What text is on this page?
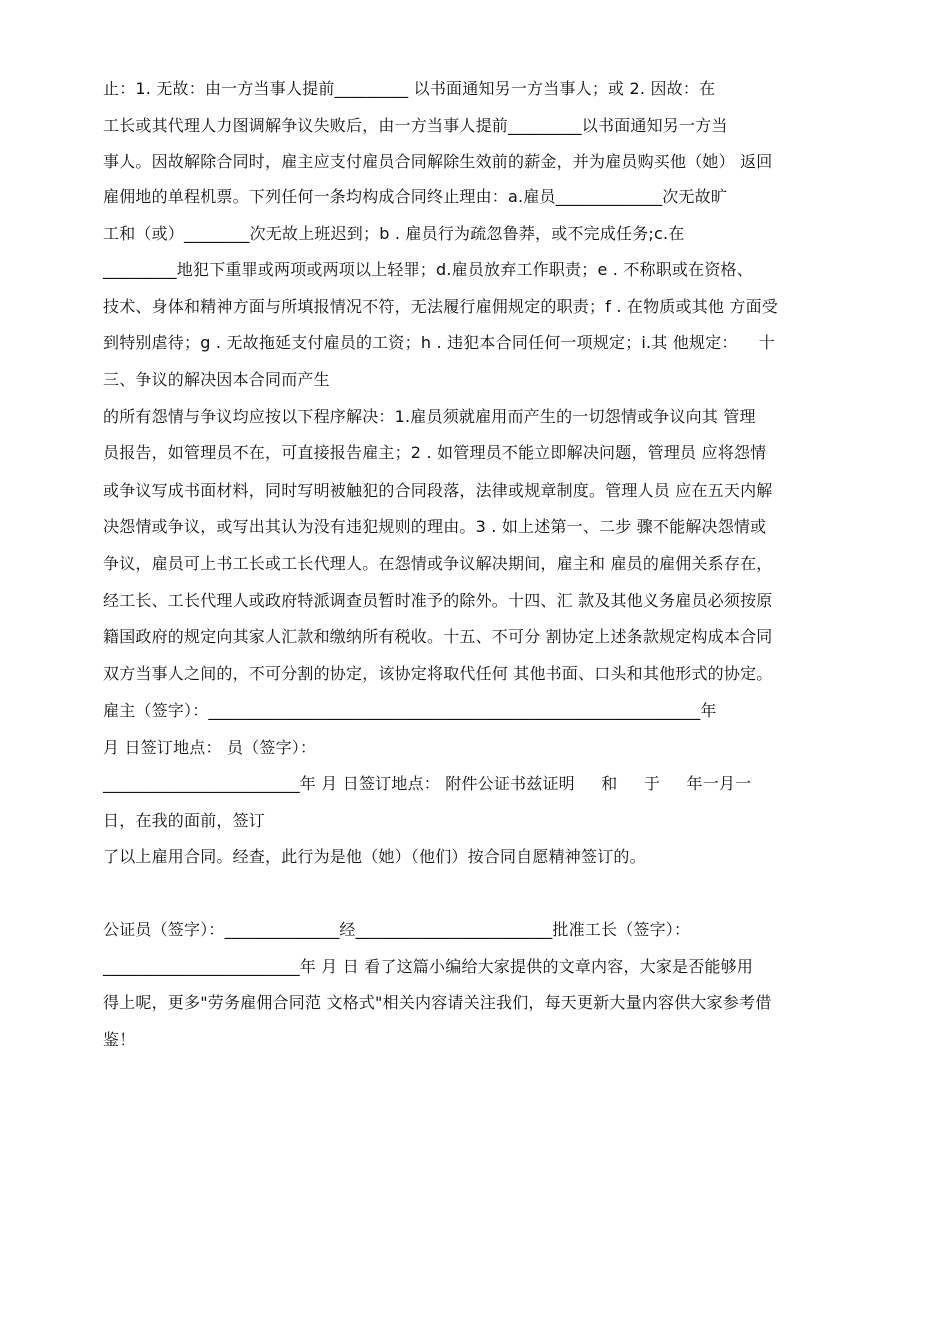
止：1. 无故：由一方当事人提前_________ 以书面通知另一方当事人；或 2. 因故：在
工长或其代理人力图调解争议失败后，由一方当事人提前_________以书面通知另一方当
事人。因故解除合同时，雇主应支付雇员合同解除生效前的薪金，并为雇员购买他（她） 返回
雇佣地的单程机票。下列任何一条均构成合同终止理由：a.雇员_____________次无故旷
工和（或）________次无故上班迟到；b . 雇员行为疏忽鲁莽，或不完成任务;c.在
_________地犯下重罪或两项或两项以上轻罪；d.雇员放弃工作职责；e . 不称职或在资格、
技术、身体和精神方面与所填报情况不符，无法履行雇佣规定的职责；f . 在物质或其他 方面受
到特别虐待；g . 无故拖延支付雇员的工资；h . 违犯本合同任何一项规定；i.其 他规定：    十
三、争议的解决因本合同而产生
的所有怨情与争议均应按以下程序解决：1.雇员须就雇用而产生的一切怨情或争议向其 管理
员报告，如管理员不在，可直接报告雇主；2 . 如管理员不能立即解决问题，管理员 应将怨情
或争议写成书面材料，同时写明被触犯的合同段落，法律或规章制度。管理人员 应在五天内解
决怨情或争议，或写出其认为没有违犯规则的理由。3 . 如上述第一、二步 骤不能解决怨情或
争议，雇员可上书工长或工长代理人。在怨情或争议解决期间，雇主和 雇员的雇佣关系存在，
经工长、工长代理人或政府特派调查员暂时准予的除外。十四、汇 款及其他义务雇员必须按原
籍国政府的规定向其家人汇款和缴纳所有税收。十五、不可分 割协定上述条款规定构成本合同
双方当事人之间的，不可分割的协定，该协定将取代任何 其他书面、口头和其他形式的协定。
雇主（签字）：____________________________________________________________年
月 日签订地点： 员（签字）：
________________________年 月 日签订地点： 附件公证书兹证明     和     于     年一月一
日，在我的面前，签订
了以上雇用合同。经查，此行为是他（她）（他们）按合同自愿精神签订的。
公证员（签字）：______________经________________________批准工长（签字）：
________________________年 月 日 看了这篇小编给大家提供的文章内容，大家是否能够用
得上呢，更多"劳务雇佣合同范 文格式"相关内容请关注我们，每天更新大量内容供大家参考借
鉴！
